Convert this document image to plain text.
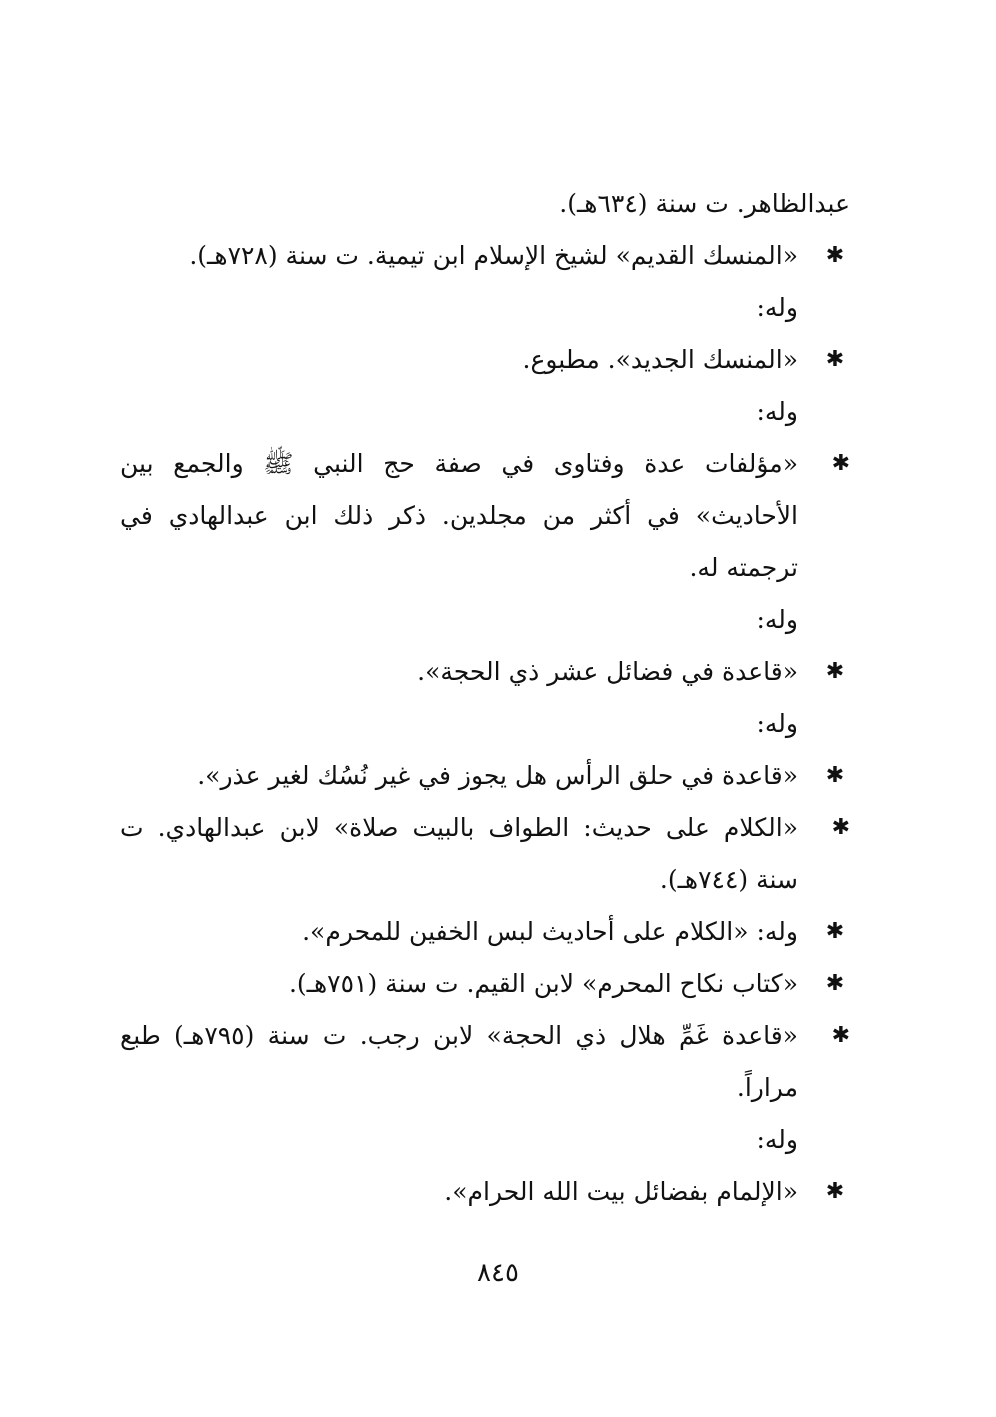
عبدالظاهر. ت سنة (٦٣٤هـ).
✱
«المنسك القديم» لشيخ الإسلام ابن تيمية. ت سنة (٧٢٨هـ).
وله:
✱
«المنسك الجديد». مطبوع.
وله:
✱
«مؤلفات عدة وفتاوى في صفة حج النبي ﷺ والجمع بين الأحاديث» في أكثر من مجلدين. ذكر ذلك ابن عبدالهادي في ترجمته له.
وله:
✱
«قاعدة في فضائل عشر ذي الحجة».
وله:
✱
«قاعدة في حلق الرأس هل يجوز في غير نُسُك لغير عذر».
✱
«الكلام على حديث: الطواف بالبيت صلاة» لابن عبدالهادي. ت سنة (٧٤٤هـ).
✱
وله: «الكلام على أحاديث لبس الخفين للمحرم».
✱
«كتاب نكاح المحرم» لابن القيم. ت سنة (٧٥١هـ).
✱
«قاعدة غَمِّ هلال ذي الحجة» لابن رجب. ت سنة (٧٩٥هـ) طبع مراراً.
وله:
✱
«الإلمام بفضائل بيت الله الحرام».
٨٤٥
